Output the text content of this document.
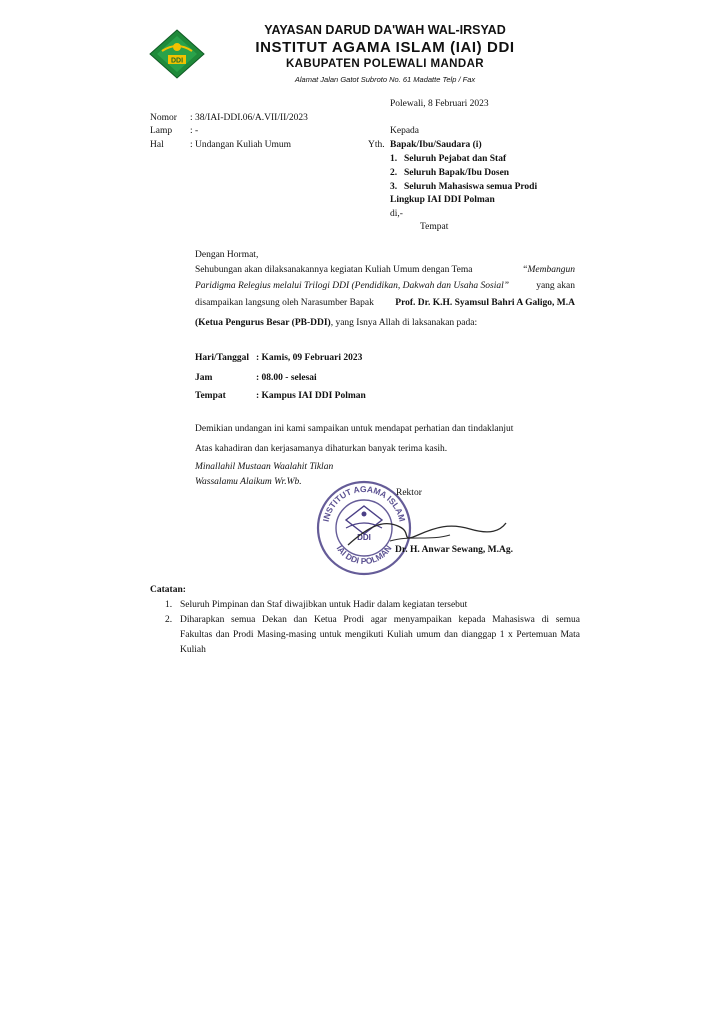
DDI
YAYASAN DARUD DA'WAH WAL-IRSYAD
INSTITUT AGAMA ISLAM (IAI) DDI
KABUPATEN POLEWALI MANDAR
Alamat Jalan Gatot Subroto No. 61 Madatte Telp / Fax
Polewali, 8 Februari 2023
Nomor : 38/IAI-DDI.06/A.VII/II/2023
Lamp : -
Hal	: Undangan Kuliah Umum
Kepada
Yth. Bapak/Ibu/Saudara (i)
1. Seluruh Pejabat dan Staf
2. Seluruh Bapak/Ibu Dosen
3. Seluruh Mahasiswa semua Prodi
Lingkup IAI DDI Polman
di,-
Tempat
Dengan Hormat,
Sehubungan akan dilaksanakannya kegiatan Kuliah Umum dengan Tema	“Membangun
Paridigma Relegius melalui Trilogi DDI (Pendidikan, Dakwah dan Usaha Sosial”	yang akan
disampaikan langsung oleh Narasumber Bapak Prof. Dr. K.H. Syamsul Bahri A Galigo, M.A
(Ketua Pengurus Besar (PB-DDI), yang Isnya Allah di laksanakan pada:
Hari/Tanggal : Kamis, 09 Februari 2023
Jam	: 08.00 - selesai
Tempat	: Kampus IAI DDI Polman
Demikian undangan ini kami sampaikan untuk mendapat perhatian dan tindaklanjut
Atas kahadiran dan kerjasamanya dihaturkan banyak terima kasih.
Minallahil Mustaan Waalahit Tiklan
Wassalamu Alaikum Wr.Wb.
INSTITUT AGAMA ISLAM
IAI DDI POLMAN
DDI
Rektor
Dr. H. Anwar Sewang, M.Ag.
Catatan:
1. Seluruh Pimpinan dan Staf diwajibkan untuk Hadir dalam kegiatan tersebut
2. Diharapkan semua Dekan dan Ketua Prodi agar menyampaikan kepada Mahasiswa di semua
Fakultas dan Prodi Masing-masing untuk mengikuti Kuliah umum dan dianggap 1 x Pertemuan Mata
Kuliah
